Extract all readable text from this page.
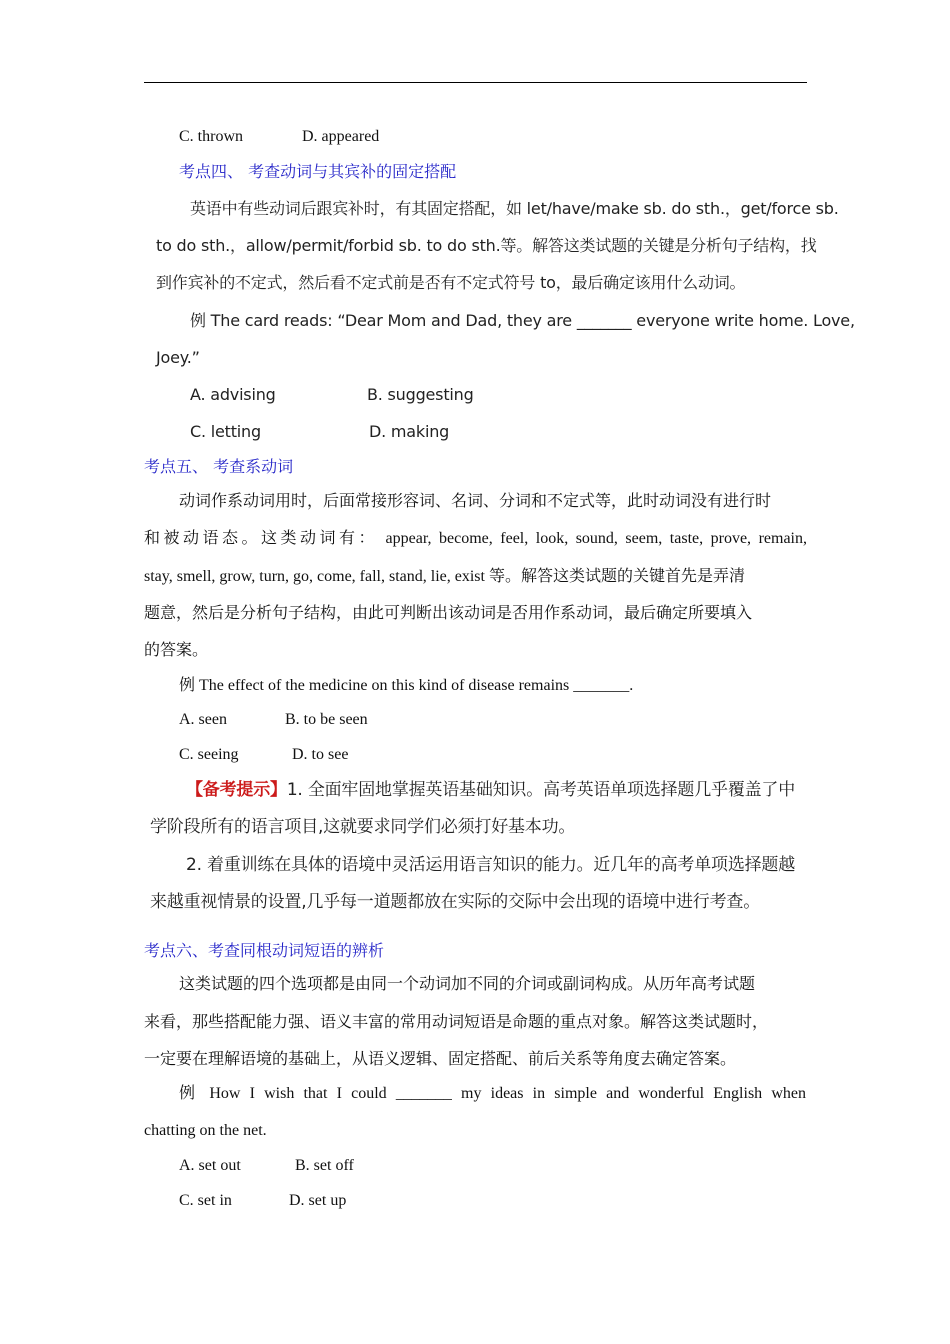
C. thrown	D. appeared
考点四、 考查动词与其宾补的固定搭配
英语中有些动词后跟宾补时，有其固定搭配，如 let/have/make sb. do sth.，get/force sb.
to do sth.，allow/permit/forbid sb. to do sth.等。解答这类试题的关键是分析句子结构，找
到作宾补的不定式，然后看不定式前是否有不定式符号 to，最后确定该用什么动词。
例 The card reads: “Dear Mom and Dad, they are _______ everyone write home. Love,
Joey.”
A. advising	B. suggesting
C. letting	D. making
考点五、 考查系动词
动词作系动词用时，后面常接形容词、名词、分词和不定式等，此时动词没有进行时
和被动语态。这类动词有： appear, become, feel, look, sound, seem, taste, prove, remain,
stay, smell, grow, turn, go, come, fall, stand, lie, exist 等。解答这类试题的关键首先是弄清
题意，然后是分析句子结构，由此可判断出该动词是否用作系动词，最后确定所要填入
的答案。
例 The effect of the medicine on this kind of disease remains _______.
A. seen	B. to be seen
C. seeing	D. to see
【备考提示】1. 全面牢固地掌握英语基础知识。高考英语单项选择题几乎覆盖了中
学阶段所有的语言项目,这就要求同学们必须打好基本功。
2. 着重训练在具体的语境中灵活运用语言知识的能力。近几年的高考单项选择题越
来越重视情景的设置,几乎每一道题都放在实际的交际中会出现的语境中进行考查。
考点六、考查同根动词短语的辨析
这类试题的四个选项都是由同一个动词加不同的介词或副词构成。从历年高考试题
来看，那些搭配能力强、语义丰富的常用动词短语是命题的重点对象。解答这类试题时，
一定要在理解语境的基础上，从语义逻辑、固定搭配、前后关系等角度去确定答案。
例 How I wish that I could _______ my ideas in simple and wonderful English when
chatting on the net.
A. set out	B. set off
C. set in	D. set up
